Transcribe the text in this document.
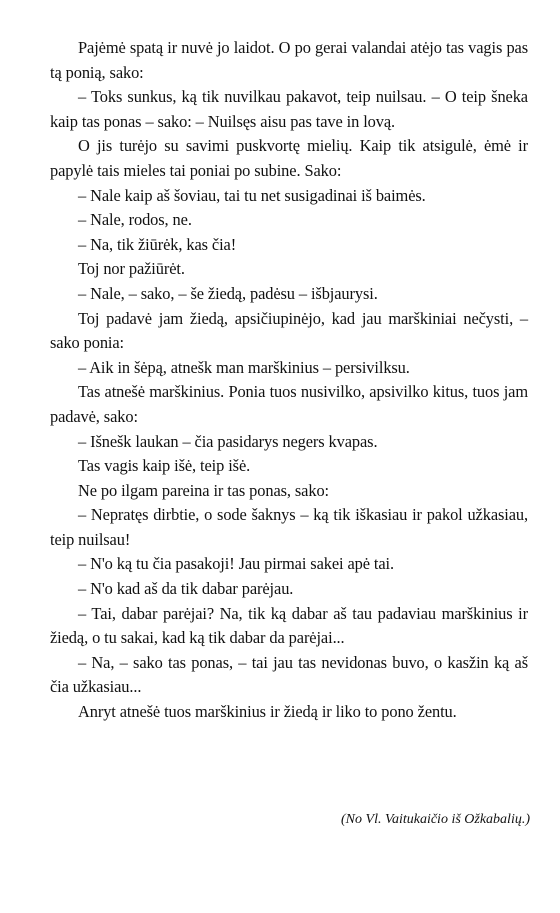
Pajėmė spatą ir nuvė jo laidot. O po gerai valandai atėjo tas vagis pas tą ponią, sako:

– Toks sunkus, ką tik nuvilkau pakavot, teip nuilsau. – O teip šneka kaip tas ponas – sako: – Nuilsęs aisu pas tave in lovą.

O jis turėjo su savimi puskvortę mielių. Kaip tik atsigulė, ėmė ir papylė tais mieles tai poniai po subine. Sako:

– Nale kaip aš šoviau, tai tu net susigadinai iš baimės.

– Nale, rodos, ne.

– Na, tik žiūrėk, kas čia!

Toj nor pažiūrėt.

– Nale, – sako, – še žiedą, padėsu – išbjaurysi.

Toj padavė jam žiedą, apsičiupinėjo, kad jau marškiniai nečysti, – sako ponia:

– Aik in šėpą, atnešk man marškinius – persivilksu.

Tas atnešė marškinius. Ponia tuos nusivilko, apsivilko kitus, tuos jam padavė, sako:

– Išnešk laukan – čia pasidarys negers kvapas.

Tas vagis kaip išė, teip išė.

Ne po ilgam pareina ir tas ponas, sako:

– Nepratęs dirbtie, o sode šaknys – ką tik iškasiau ir pakol užkasiau, teip nuilsau!

– N'o ką tu čia pasakoji! Jau pirmai sakei apė tai.

– N'o kad aš da tik dabar parėjau.

– Tai, dabar parėjai? Na, tik ką dabar aš tau padaviau marškinius ir žiedą, o tu sakai, kad ką tik dabar da parėjai...

– Na, – sako tas ponas, – tai jau tas nevidonas buvo, o kasžin ką aš čia užkasiau...

Anryt atnešė tuos marškinius ir žiedą ir liko to pono žentu.

(No Vl. Vaitukaičio iš Ožkabalių.)
